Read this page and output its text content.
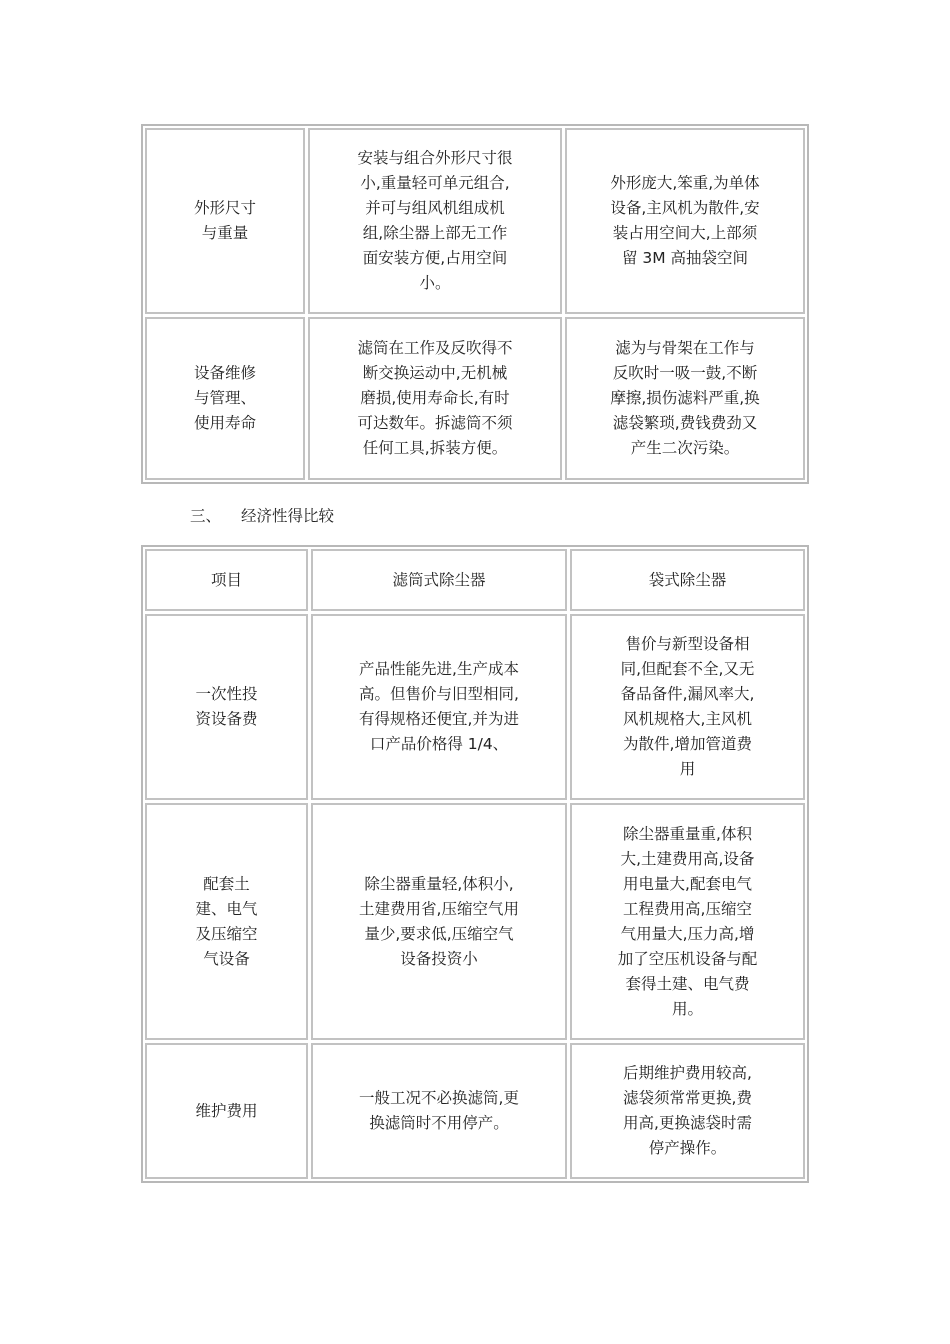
外形尺寸
与重量
安装与组合外形尺寸很
小,重量轻可单元组合,
并可与组风机组成机
组,除尘器上部无工作
面安装方便,占用空间
小。
外形庞大,笨重,为单体
设备,主风机为散件,安
装占用空间大,上部须
留 3M 高抽袋空间
设备维修
与管理、
使用寿命
滤筒在工作及反吹得不
断交换运动中,无机械
磨损,使用寿命长,有时
可达数年。拆滤筒不须
任何工具,拆装方便。
滤为与骨架在工作与
反吹时一吸一鼓,不断
摩擦,损伤滤料严重,换
滤袋繁琐,费钱费劲又
产生二次污染。
三、 经济性得比较
项目	滤筒式除尘器	袋式除尘器
一次性投
资设备费
产品性能先进,生产成本
高。但售价与旧型相同,
有得规格还便宜,并为进
口产品价格得 1/4、
售价与新型设备相
同,但配套不全,又无
备品备件,漏风率大,
风机规格大,主风机
为散件,增加管道费
用
配套土
建、电气
及压缩空
气设备
除尘器重量轻,体积小,
土建费用省,压缩空气用
量少,要求低,压缩空气
设备投资小
除尘器重量重,体积
大,土建费用高,设备
用电量大,配套电气
工程费用高,压缩空
气用量大,压力高,增
加了空压机设备与配
套得土建、电气费
用。
维护费用
一般工况不必换滤筒,更
换滤筒时不用停产。
后期维护费用较高,
滤袋须常常更换,费
用高,更换滤袋时需
停产操作。
